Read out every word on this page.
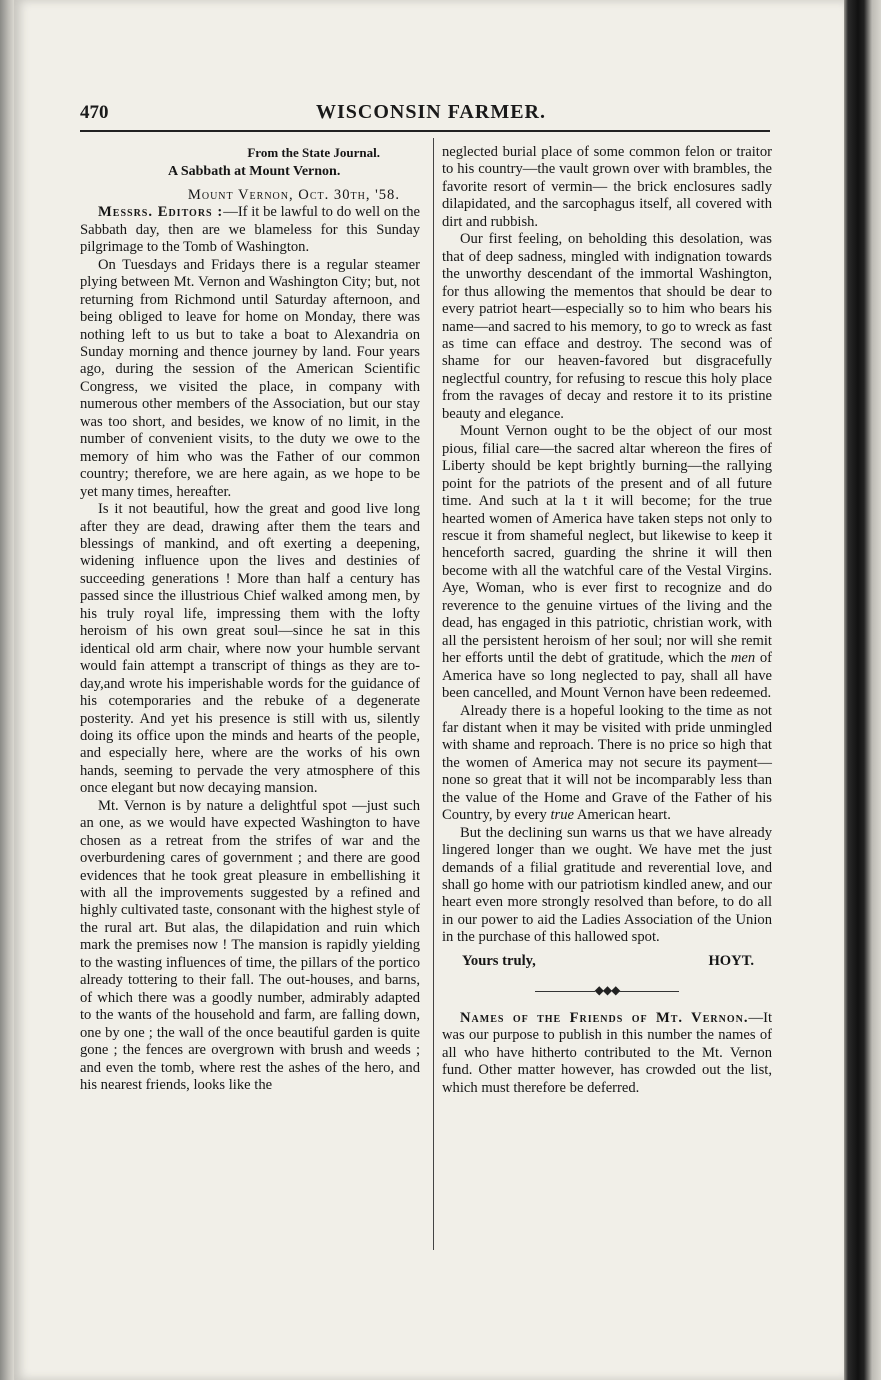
470	WISCONSIN FARMER.

From the State Journal.

A Sabbath at Mount Vernon.

Mount Vernon, Oct. 30th, '58.

Messrs. Editors :—If it be lawful to do well on the Sabbath day, then are we blameless for this Sunday pilgrimage to the Tomb of Washington.

On Tuesdays and Fridays there is a regular steamer plying between Mt. Vernon and Washington City; but, not returning from Richmond until Saturday afternoon, and being obliged to leave for home on Monday, there was nothing left to us but to take a boat to Alexandria on Sunday morning and thence journey by land. Four years ago, during the session of the American Scientific Congress, we visited the place, in company with numerous other members of the Association, but our stay was too short, and besides, we know of no limit, in the number of convenient visits, to the duty we owe to the memory of him who was the Father of our common country; therefore, we are here again, as we hope to be yet many times, hereafter.

Is it not beautiful, how the great and good live long after they are dead, drawing after them the tears and blessings of mankind, and oft exerting a deepening, widening influence upon the lives and destinies of succeeding generations ! More than half a century has passed since the illustrious Chief walked among men, by his truly royal life, impressing them with the lofty heroism of his own great soul—since he sat in this identical old arm chair, where now your humble servant would fain attempt a transcript of things as they are to-day,and wrote his imperishable words for the guidance of his cotemporaries and the rebuke of a degenerate posterity. And yet his presence is still with us, silently doing its office upon the minds and hearts of the people, and especially here, where are the works of his own hands, seeming to pervade the very atmosphere of this once elegant but now decaying mansion.

Mt. Vernon is by nature a delightful spot —just such an one, as we would have expected Washington to have chosen as a retreat from the strifes of war and the overburdening cares of government ; and there are good evidences that he took great pleasure in embellishing it with all the improvements suggested by a refined and highly cultivated taste, consonant with the highest style of the rural art. But alas, the dilapidation and ruin which mark the premises now ! The mansion is rapidly yielding to the wasting influences of time, the pillars of the portico already tottering to their fall. The out-houses, and barns, of which there was a goodly number, admirably adapted to the wants of the household and farm, are falling down, one by one ; the wall of the once beautiful garden is quite gone ; the fences are overgrown with brush and weeds ; and even the tomb, where rest the ashes of the hero, and his nearest friends, looks like the

neglected burial place of some common felon or traitor to his country—the vault grown over with brambles, the favorite resort of vermin— the brick enclosures sadly dilapidated, and the sarcophagus itself, all covered with dirt and rubbish.

Our first feeling, on beholding this desolation, was that of deep sadness, mingled with indignation towards the unworthy descendant of the immortal Washington, for thus allowing the mementos that should be dear to every patriot heart—especially so to him who bears his name—and sacred to his memory, to go to wreck as fast as time can efface and destroy. The second was of shame for our heaven-favored but disgracefully neglectful country, for refusing to rescue this holy place from the ravages of decay and restore it to its pristine beauty and elegance.

Mount Vernon ought to be the object of our most pious, filial care—the sacred altar whereon the fires of Liberty should be kept brightly burning—the rallying point for the patriots of the present and of all future time. And such at la t it will become; for the true hearted women of America have taken steps not only to rescue it from shameful neglect, but likewise to keep it henceforth sacred, guarding the shrine it will then become with all the watchful care of the Vestal Virgins. Aye, Woman, who is ever first to recognize and do reverence to the genuine virtues of the living and the dead, has engaged in this patriotic, christian work, with all the persistent heroism of her soul; nor will she remit her efforts until the debt of gratitude, which the men of America have so long neglected to pay, shall all have been cancelled, and Mount Vernon have been redeemed.

Already there is a hopeful looking to the time as not far distant when it may be visited with pride unmingled with shame and reproach. There is no price so high that the women of America may not secure its payment—none so great that it will not be incomparably less than the value of the Home and Grave of the Father of his Country, by every true American heart.

But the declining sun warns us that we have already lingered longer than we ought. We have met the just demands of a filial gratitude and reverential love, and shall go home with our patriotism kindled anew, and our heart even more strongly resolved than before, to do all in our power to aid the Ladies Association of the Union in the purchase of this hallowed spot.

Yours truly,	HOYT.
◆◆◆

Names of the Friends of Mt. Vernon.—It was our purpose to publish in this number the names of all who have hitherto contributed to the Mt. Vernon fund. Other matter however, has crowded out the list, which must therefore be deferred.
